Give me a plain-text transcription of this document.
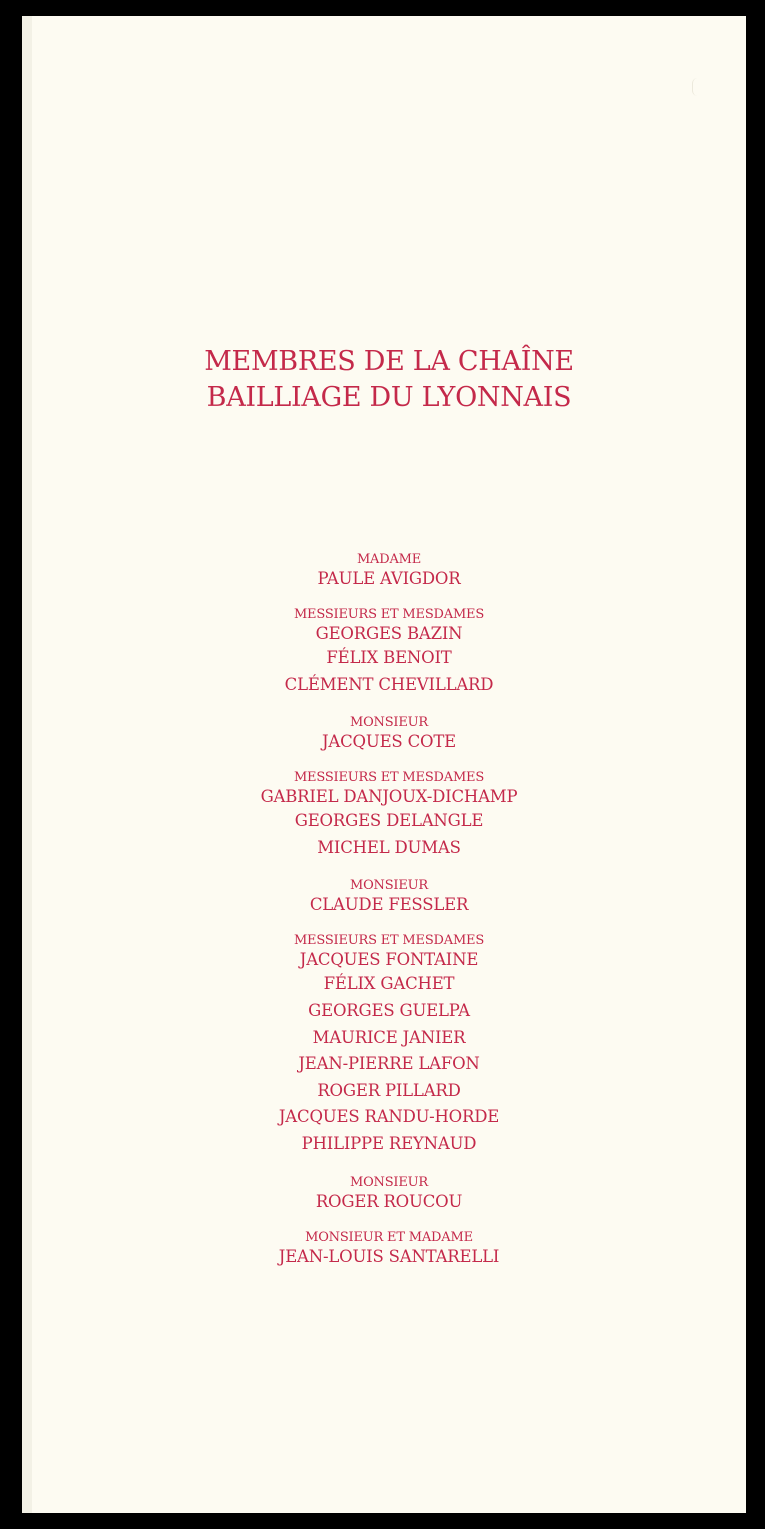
MEMBRES DE LA CHAÎNE
BAILLIAGE DU LYONNAIS
MADAME
PAULE AVIGDOR
MESSIEURS ET MESDAMES
GEORGES BAZIN
FÉLIX BENOIT
CLÉMENT CHEVILLARD
MONSIEUR
JACQUES COTE
MESSIEURS ET MESDAMES
GABRIEL DANJOUX-DICHAMP
GEORGES DELANGLE
MICHEL DUMAS
MONSIEUR
CLAUDE FESSLER
MESSIEURS ET MESDAMES
JACQUES FONTAINE
FÉLIX GACHET
GEORGES GUELPA
MAURICE JANIER
JEAN-PIERRE LAFON
ROGER PILLARD
JACQUES RANDU-HORDE
PHILIPPE REYNAUD
MONSIEUR
ROGER ROUCOU
MONSIEUR ET MADAME
JEAN-LOUIS SANTARELLI
